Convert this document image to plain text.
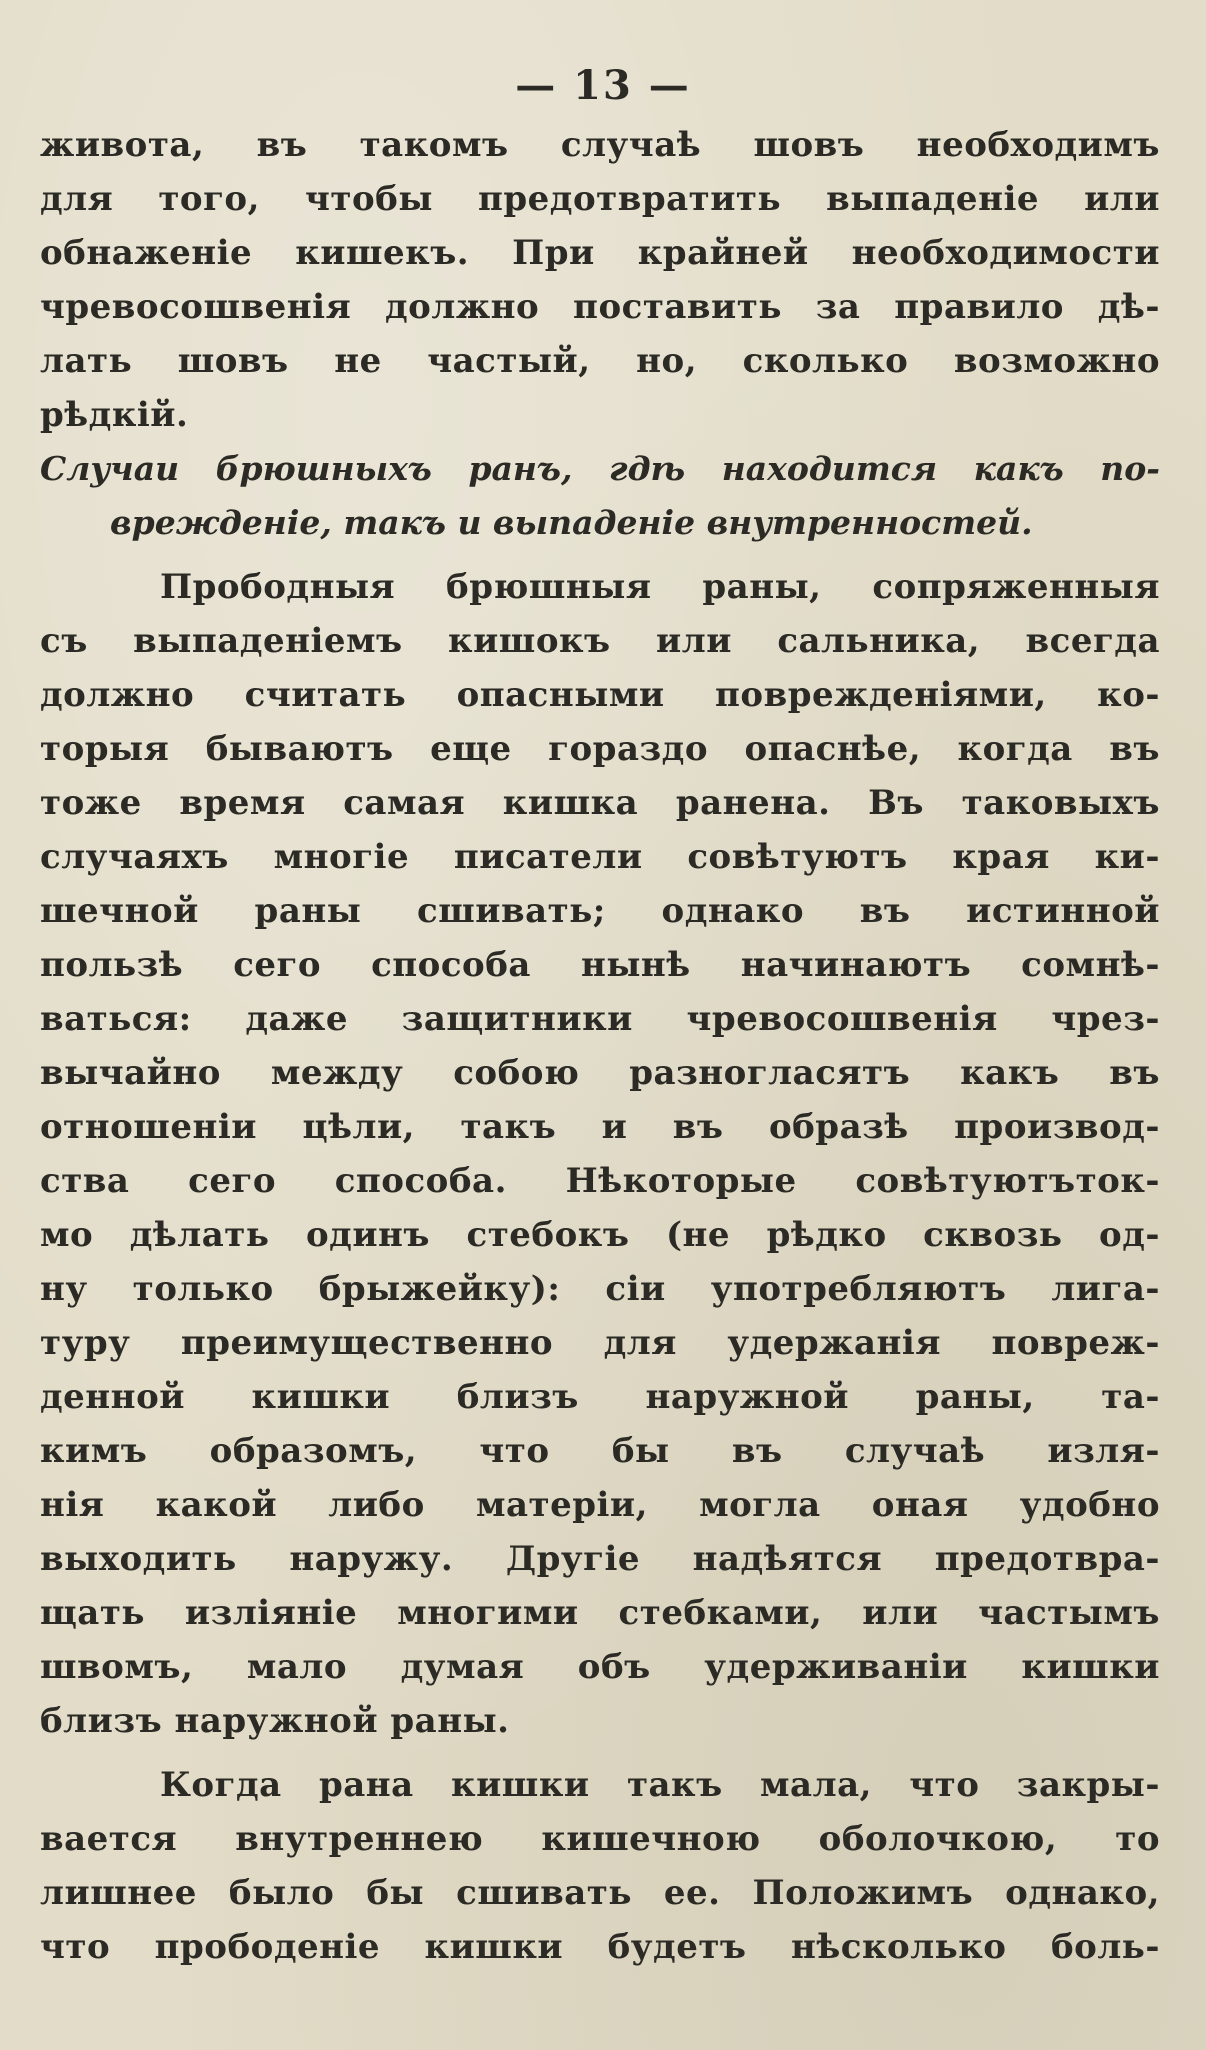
— 13 —
живота, въ такомъ случаѣ шовъ необходимъ
для того, чтобы предотвратить выпаденіе или
обнаженіе кишекъ. При крайней необходимости
чревосошвенія должно поставить за правило дѣ-
лать шовъ не частый, но, сколько возможно
рѣдкій.
Случаи брюшныхъ ранъ, гдѣ находится какъ по-
врежденіе, такъ и выпаденіе внутренностей.
Прободныя брюшныя раны, сопряженныя
съ выпаденіемъ кишокъ или сальника, всегда
должно считать опасными поврежденіями, ко-
торыя бываютъ еще гораздо опаснѣе, когда въ
тоже время самая кишка ранена. Въ таковыхъ
случаяхъ многіе писатели совѣтуютъ края ки-
шечной раны сшивать; однако въ истинной
пользѣ сего способа нынѣ начинаютъ сомнѣ-
ваться: даже защитники чревосошвенія чрез-
вычайно между собою разногласятъ какъ въ
отношеніи цѣли, такъ и въ образѣ производ-
ства сего способа. Нѣкоторые совѣтуютъток-
мо дѣлать одинъ стебокъ (не рѣдко сквозь од-
ну только брыжейку): сіи употребляютъ лига-
туру преимущественно для удержанія повреж-
денной кишки близъ наружной раны, та-
кимъ образомъ, что бы въ случаѣ изля-
нія какой либо матеріи, могла оная удобно
выходить наружу. Другіе надѣятся предотвра-
щать изліяніе многими стебками, или частымъ
швомъ, мало думая объ удерживаніи кишки
близъ наружной раны.
Когда рана кишки такъ мала, что закры-
вается внутреннею кишечною оболочкою, то
лишнее было бы сшивать ее. Положимъ однако,
что прободеніе кишки будетъ нѣсколько боль-
